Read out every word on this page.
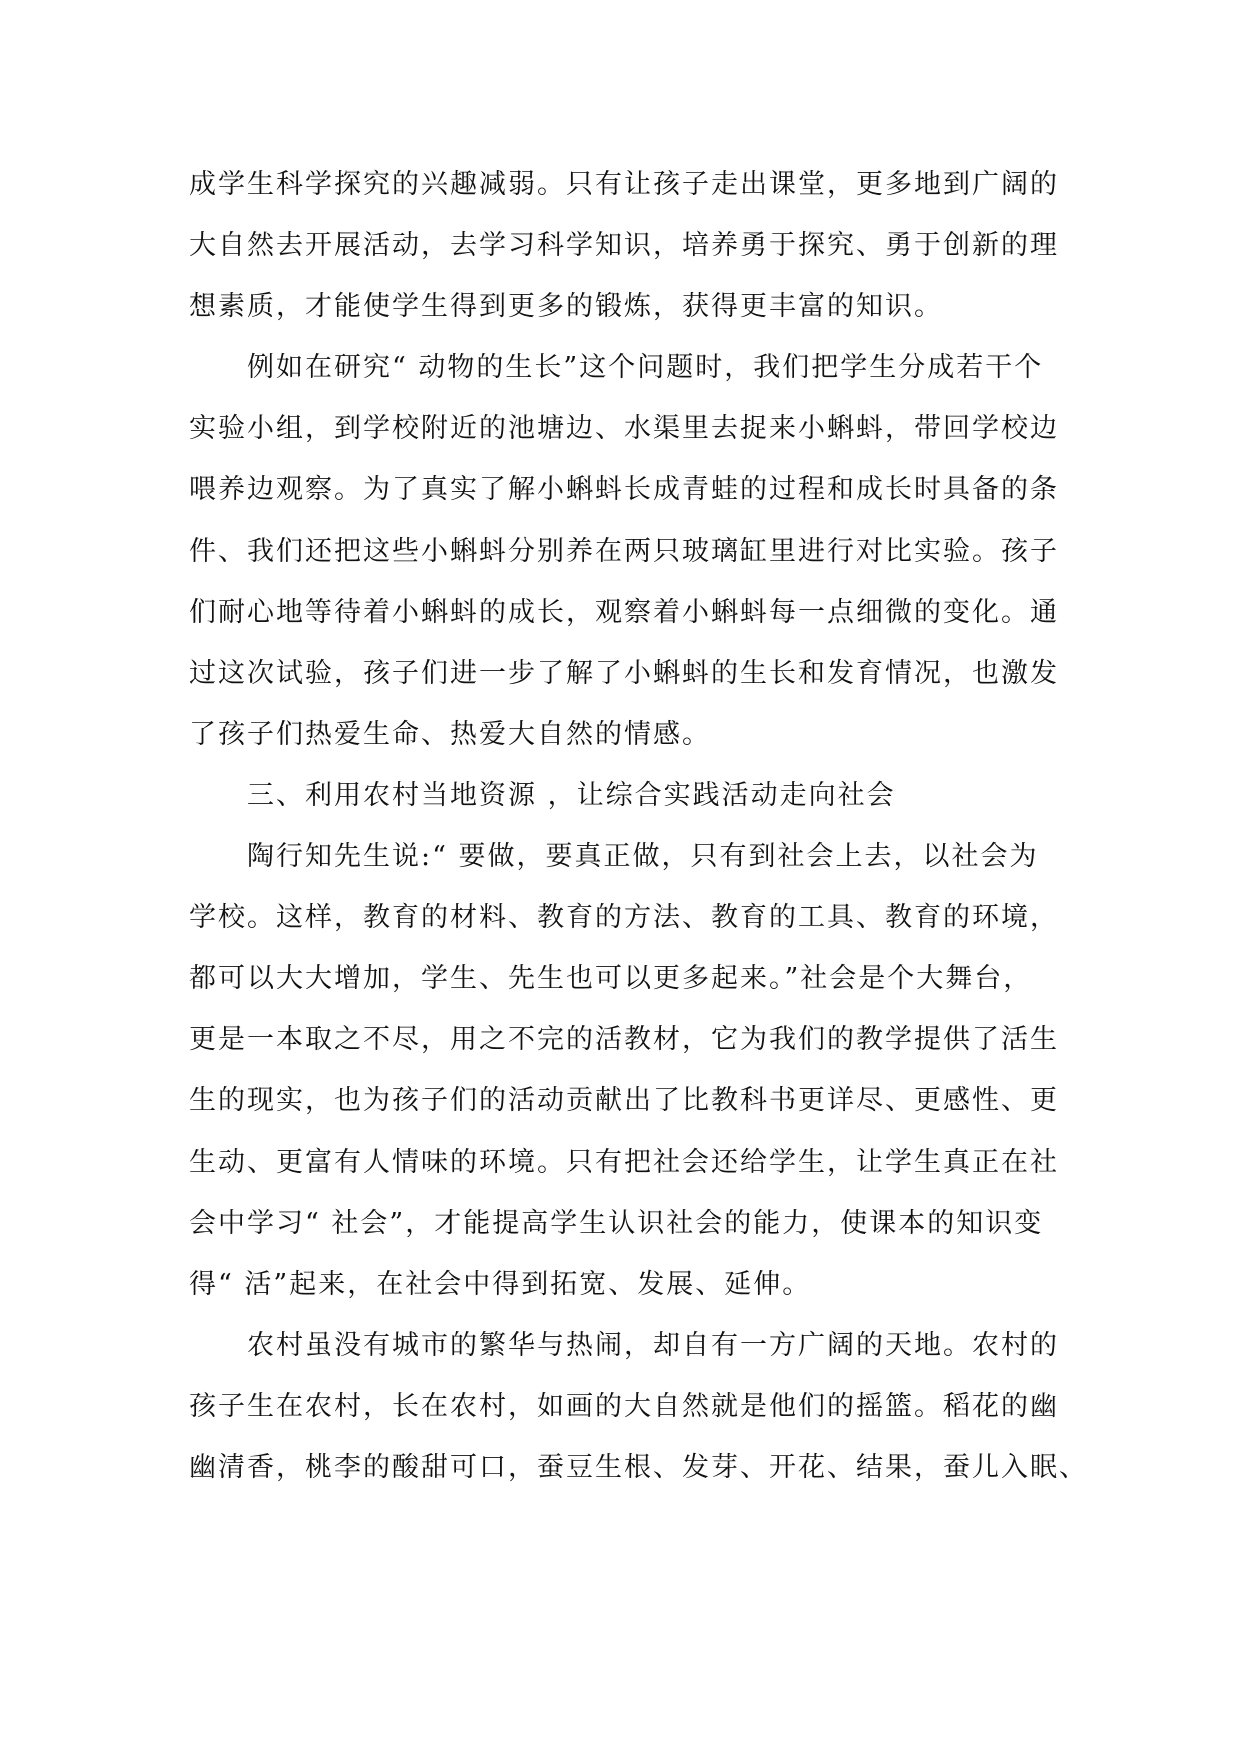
成学生科学探究的兴趣减弱。只有让孩子走出课堂，更多地到广阔的
大自然去开展活动，去学习科学知识，培养勇于探究、勇于创新的理
想素质，才能使学生得到更多的锻炼，获得更丰富的知识。
例如在研究“ 动物的生长”这个问题时，我们把学生分成若干个
实验小组，到学校附近的池塘边、水渠里去捉来小蝌蚪，带回学校边
喂养边观察。为了真实了解小蝌蚪长成青蛙的过程和成长时具备的条
件、我们还把这些小蝌蚪分别养在两只玻璃缸里进行对比实验。孩子
们耐心地等待着小蝌蚪的成长，观察着小蝌蚪每一点细微的变化。通
过这次试验，孩子们进一步了解了小蝌蚪的生长和发育情况，也激发
了孩子们热爱生命、热爱大自然的情感。
三、利用农村当地资源 ，让综合实践活动走向社会
陶行知先生说:“ 要做，要真正做，只有到社会上去，以社会为
学校。这样，教育的材料、教育的方法、教育的工具、教育的环境，
都可以大大增加，学生、先生也可以更多起来。”社会是个大舞台，
更是一本取之不尽，用之不完的活教材，它为我们的教学提供了活生
生的现实，也为孩子们的活动贡献出了比教科书更详尽、更感性、更
生动、更富有人情味的环境。只有把社会还给学生，让学生真正在社
会中学习“ 社会”，才能提高学生认识社会的能力，使课本的知识变
得“ 活”起来，在社会中得到拓宽、发展、延伸。
农村虽没有城市的繁华与热闹，却自有一方广阔的天地。农村的
孩子生在农村，长在农村，如画的大自然就是他们的摇篮。稻花的幽
幽清香，桃李的酸甜可口，蚕豆生根、发芽、开花、结果，蚕儿入眠、
